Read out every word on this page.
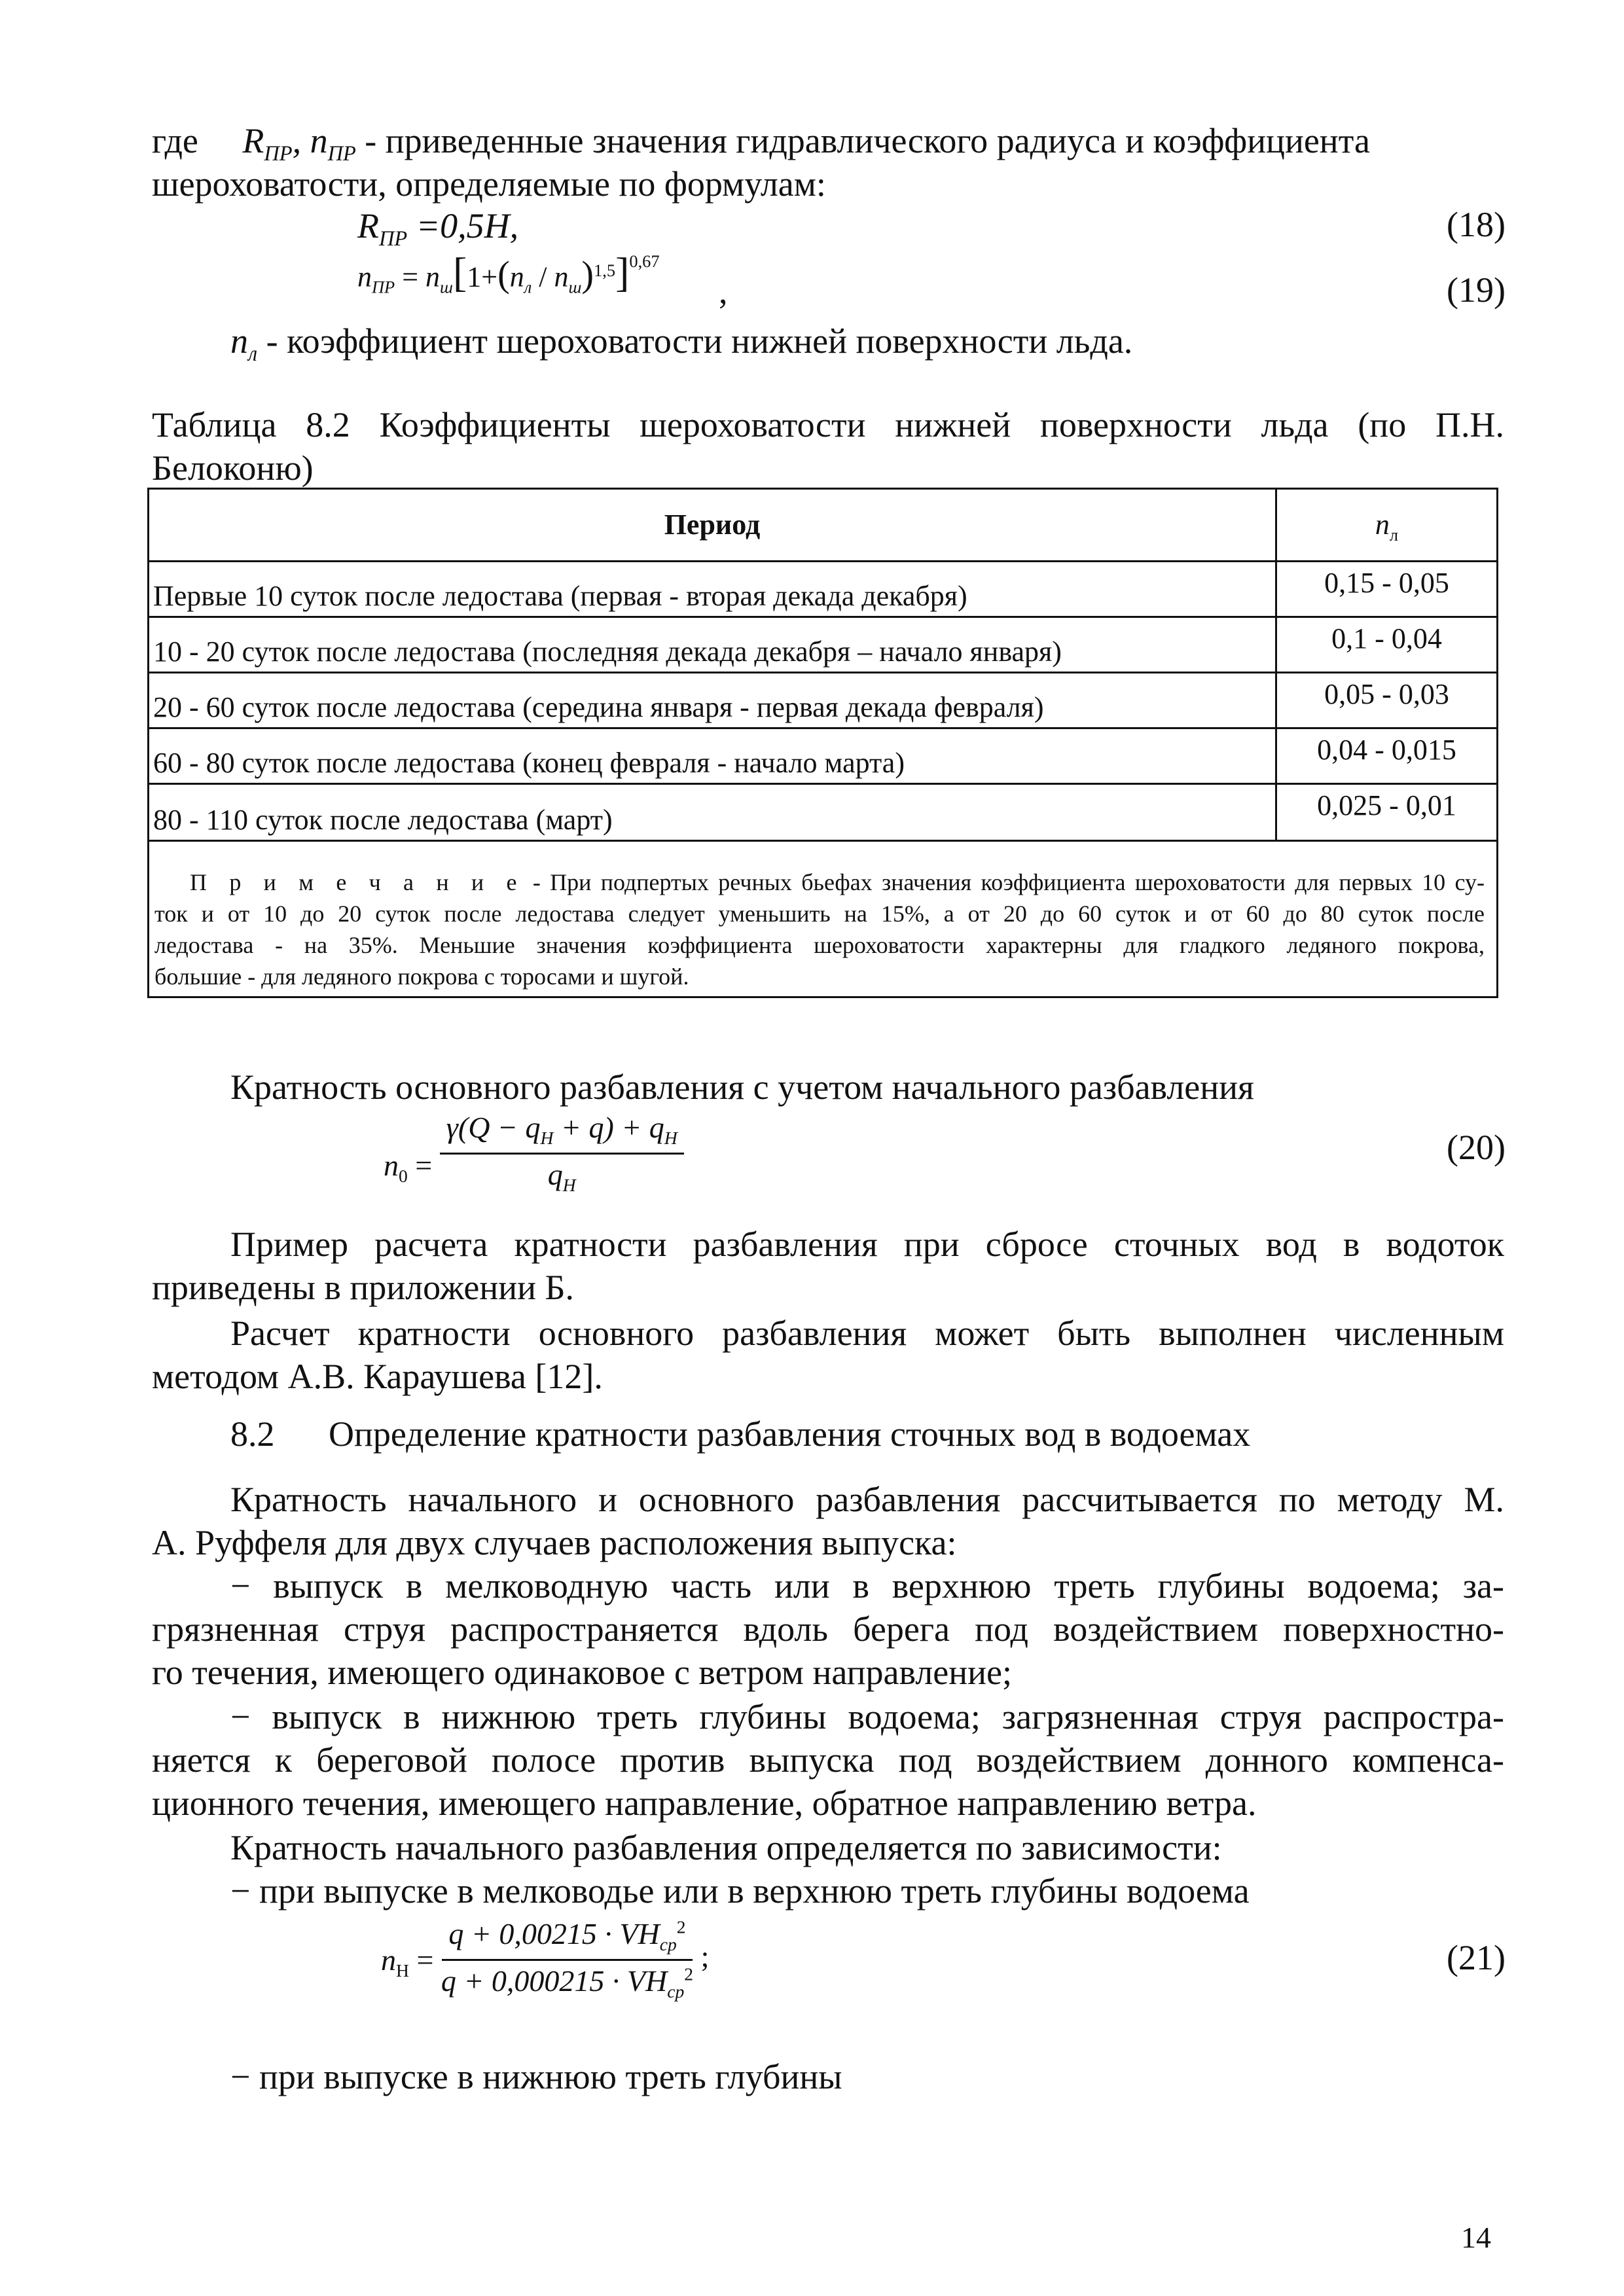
где $R_{ПР}$, $n_{ПР}$ - приведенные значения гидравлического радиуса и коэффициента
шероховатости, определяемые по формулам:
$R_{ПР} =0,5H$,	(18)
$n_{ПР} = n_ш[1+(n_л / n_ш)^{1,5}]^{0,67}$
,	(19)
$n_л$ - коэффициент шероховатости нижней поверхности льда.
Таблица 8.2 Коэффициенты шероховатости нижней поверхности льда (по П.Н.
Белоконю)
Период	$n_л$
Первые 10 суток после ледостава (первая - вторая декада декабря)	0,15 - 0,05
10 - 20 суток после ледостава (последняя декада декабря – начало января)	0,1 - 0,04
20 - 60 суток после ледостава (середина января - первая декада февраля)	0,05 - 0,03
60 - 80 суток после ледостава (конец февраля - начало марта)	0,04 - 0,015
80 - 110 суток после ледостава (март)	0,025 - 0,01
П р и м е ч а н и е - При подпертых речных бьефах значения коэффициента шероховатости для первых 10 су-
ток и от 10 до 20 суток после ледостава следует уменьшить на 15%, а от 20 до 60 суток и от 60 до 80 суток после
ледостава - на 35%. Меньшие значения коэффициента шероховатости характерны для гладкого ледяного покрова,
большие - для ледяного покрова с торосами и шугой.
Кратность основного разбавления с учетом начального разбавления
$n_0 = \frac{\gamma(Q - q_H + q) + q_H}{q_H}$	(20)
Пример расчета кратности разбавления при сбросе сточных вод в водоток
приведены в приложении Б.
Расчет кратности основного разбавления может быть выполнен численным
методом А.В. Караушева [12].
8.2 Определение кратности разбавления сточных вод в водоемах
Кратность начального и основного разбавления рассчитывается по методу М.
А. Руффеля для двух случаев расположения выпуска:
− выпуск в мелководную часть или в верхнюю треть глубины водоема; за-
грязненная струя распространяется вдоль берега под воздействием поверхностно-
го течения, имеющего одинаковое с ветром направление;
− выпуск в нижнюю треть глубины водоема; загрязненная струя распростра-
няется к береговой полосе против выпуска под воздействием донного компенса-
ционного течения, имеющего направление, обратное направлению ветра.
Кратность начального разбавления определяется по зависимости:
− при выпуске в мелководье или в верхнюю треть глубины водоема
$n_H = \frac{q + 0,00215 \cdot VH_{ср}^2}{q + 0,000215 \cdot VH_{ср}^2}$ ;	(21)
− при выпуске в нижнюю треть глубины
14
